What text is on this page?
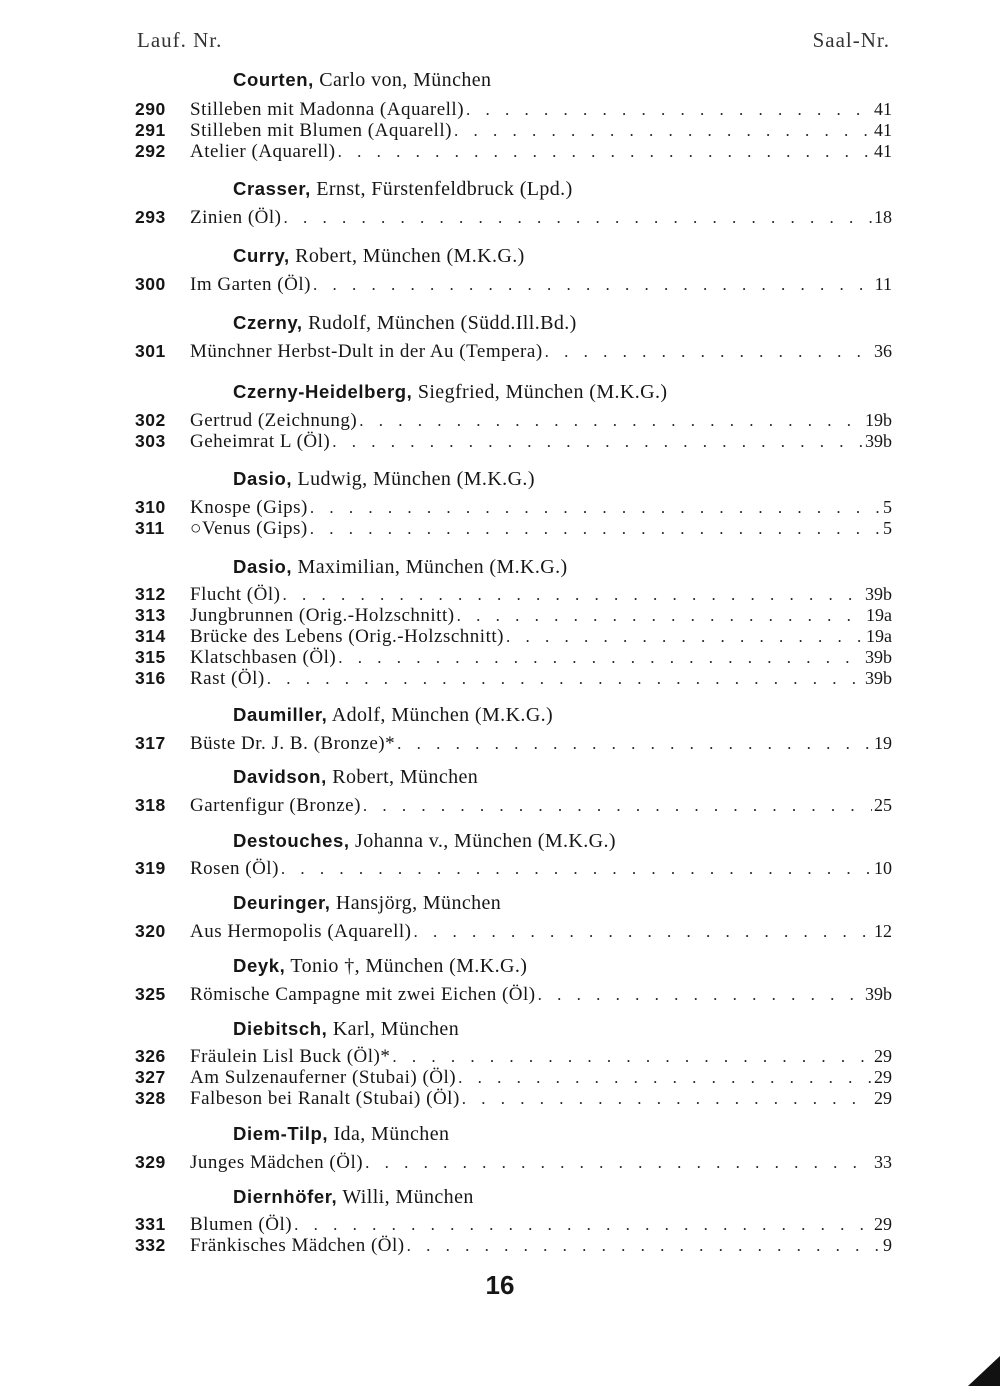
Lauf. Nr.	Saal-Nr.
Courten, Carlo von, München
290	Stilleben mit Madonna (Aquarell) . . .	41
291	Stilleben mit Blumen (Aquarell) . . .	41
292	Atelier (Aquarell) . . .	41
Crasser, Ernst, Fürstenfeldbruck (Lpd.)
293	Zinien (Öl) . . .	18
Curry, Robert, München (M.K.G.)
300	Im Garten (Öl) . . .	11
Czerny, Rudolf, München (Südd.Ill.Bd.)
301	Münchner Herbst-Dult in der Au (Tempera) . . .	36
Czerny-Heidelberg, Siegfried, München (M.K.G.)
302	Gertrud (Zeichnung) . . .	19b
303	Geheimrat L (Öl) . . .	39b
Dasio, Ludwig, München (M.K.G.)
310	Knospe (Gips) . . .	5
311	○Venus (Gips) . . .	5
Dasio, Maximilian, München (M.K.G.)
312	Flucht (Öl) . . .	39b
313	Jungbrunnen (Orig.-Holzschnitt) . . .	19a
314	Brücke des Lebens (Orig.-Holzschnitt) . . .	19a
315	Klatschbasen (Öl) . . .	39b
316	Rast (Öl) . . .	39b
Daumiller, Adolf, München (M.K.G.)
317	Büste Dr. J. B. (Bronze)* . . .	19
Davidson, Robert, München
318	Gartenfigur (Bronze) . . .	25
Destouches, Johanna v., München (M.K.G.)
319	Rosen (Öl) . . .	10
Deuringer, Hansjörg, München
320	Aus Hermopolis (Aquarell) . . .	12
Deyk, Tonio †, München (M.K.G.)
325	Römische Campagne mit zwei Eichen (Öl) . . .	39b
Diebitsch, Karl, München
326	Fräulein Lisl Buck (Öl)* . . .	29
327	Am Sulzenauferner (Stubai) (Öl) . . .	29
328	Falbeson bei Ranalt (Stubai) (Öl) . . .	29
Diem-Tilp, Ida, München
329	Junges Mädchen (Öl) . . .	33
Diernhöfer, Willi, München
331	Blumen (Öl) . . .	29
332	Fränkisches Mädchen (Öl) . . .	9
16
